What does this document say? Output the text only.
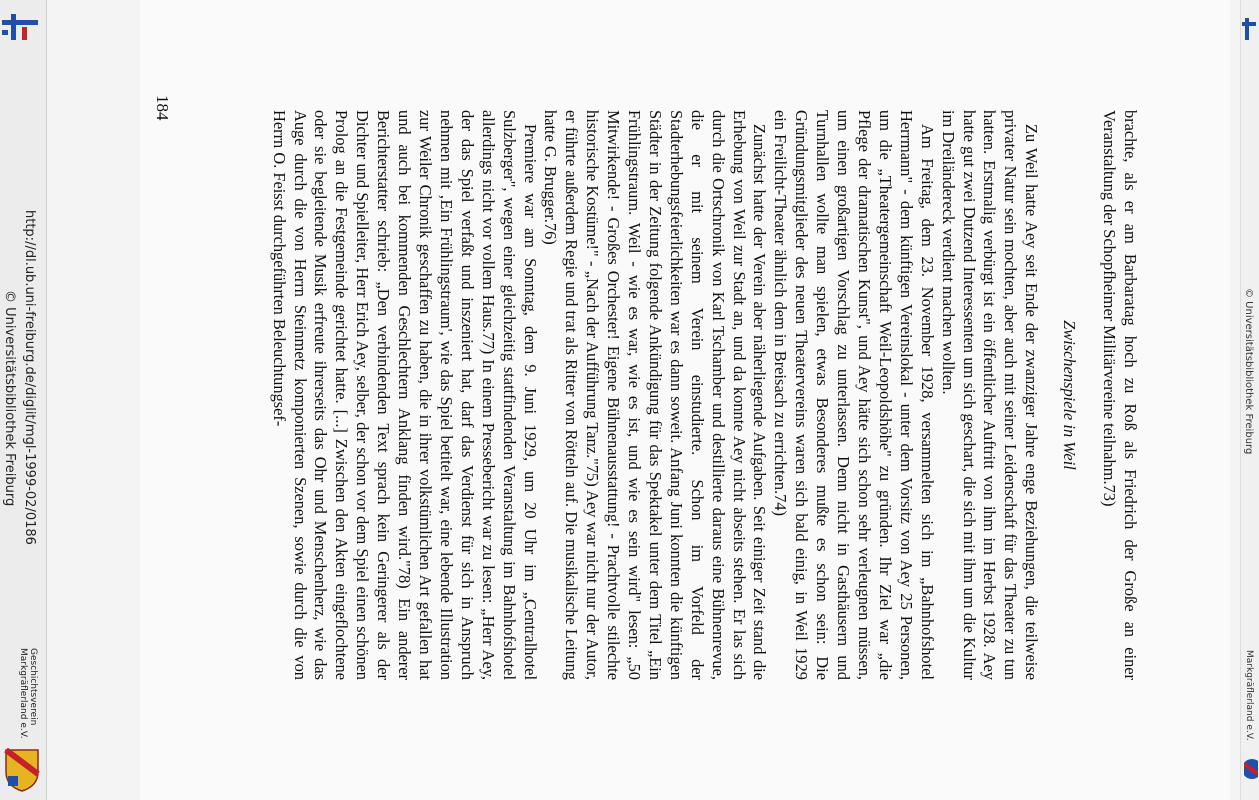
http://dl.ub.uni-freiburg.de/diglit/mgl-1999-02/0186
© Universitätsbibliothek Freiburg
Geschichtsverein
Markgräflerland e.V.
© Universitätsbibliothek Freiburg
Markgräflerland e.V.
184

brachte, als er am Barbaratag hoch zu Roß als Friedrich der Große an einer Veranstaltung der Schopfheimer Militärvereine teilnahm.73)

Zwischenspiele in Weil

Zu Weil hatte Aey seit Ende der zwanziger Jahre enge Beziehungen, die teilweise privater Natur sein mochten, aber auch mit seiner Leidenschaft für das Theater zu tun hatten. Erstmalig verbürgt ist ein öffentlicher Auftritt von ihm im Herbst 1928. Aey hatte gut zwei Dutzend Interessenten um sich geschart, die sich mit ihm um die Kultur im Dreiländereck verdient machen wollten.

Am Freitag, dem 23. November 1928, versammelten sich im „Bahnhofshotel Herrmann" - dem künftigen Vereinslokal - unter dem Vorsitz von Aey 25 Personen, um die „Theatergemeinschaft Weil-Leopoldshöhe" zu gründen. Ihr Ziel war „die Pflege der dramatischen Kunst", und Aey hätte sich schon sehr verleugnen müssen, um einen großartigen Vorschlag zu unterlassen. Denn nicht in Gasthäusern und Turnhallen wollte man spielen, etwas Besonderes mußte es schon sein: Die Gründungsmitglieder des neuen Theatervereins waren sich bald einig, in Weil 1929 ein Freilicht-Theater ähnlich dem in Breisach zu errichten.74)

Zunächst hatte der Verein aber näherliegende Aufgaben. Seit einiger Zeit stand die Erhebung von Weil zur Stadt an, und da konnte Aey nicht abseits stehen. Er las sich durch die Ortschronik von Karl Tschamber und destillierte daraus eine Bühnenrevue, die er mit seinem Verein einstudierte. Schon im Vorfeld der Stadterhebungsfeierlichkeiten war es dann soweit. Anfang Juni konnten die künftigen Städter in der Zeitung folgende Ankündigung für das Spektakel unter dem Titel „Ein Frühlingstraum. Weil - wie es war, wie es ist, und wie es sein wird" lesen: „50 Mitwirkende! - Großes Orchester! Eigene Bühnenausstattung! - Prachtvolle stilechte historische Kostüme!" - „Nach der Aufführung Tanz."75) Aey war nicht nur der Autor, er führte außerdem Regie und trat als Ritter von Rötteln auf. Die musikalische Leitung hatte G. Brugger.76)

Premiere war am Sonntag, dem 9. Juni 1929, um 20 Uhr im „Centralhotel Sulzberger", wegen einer gleichzeitig stattfindenden Veranstaltung im Bahnhofshotel allerdings nicht vor vollem Haus.77) In einem Pressebericht war zu lesen: „Herr Aey, der das Spiel verfaßt und inszeniert hat, darf das Verdienst für sich in Anspruch nehmen mit ‚Ein Frühlingstraum', wie das Spiel betitelt war, eine lebende Illustration zur Weiler Chronik geschaffen zu haben, die in ihrer volkstümlichen Art gefallen hat und auch bei kommenden Geschlechtern Anklang finden wird."78) Ein anderer Berichterstatter schrieb: „Den verbindenden Text sprach kein Geringerer als der Dichter und Spielleiter, Herr Erich Aey, selber, der schon vor dem Spiel einen schönen Prolog an die Festgemeinde gerichtet hatte. [...] Zwischen den Akten eingeflochtene oder sie begleitende Musik erfreute ihrerseits das Ohr und Menschenherz, wie das Auge durch die von Herrn Steinmetz komponierten Szenen, sowie durch die von Herrn O. Feisst durchgeführten Beleuchtungsef-
